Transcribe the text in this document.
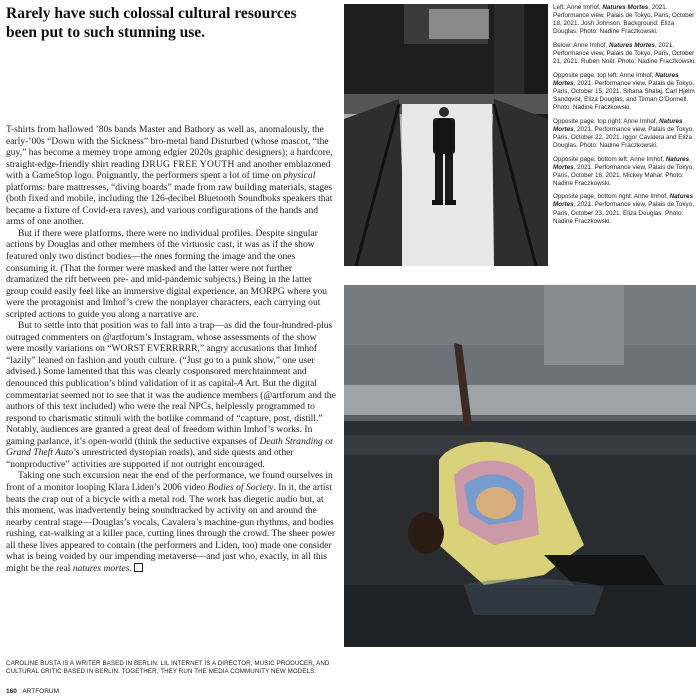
Rarely have such colossal cultural resources been put to such stunning use.

T-shirts from hallowed ’80s bands Master and Bathory as well as, anomalously, the early-’00s “Down with the Sickness” bro-metal band Disturbed (whose mascot, “the guy,” has become a memey trope among edgier 2020s graphic designers); a hardcore, straight-edge-friendly shirt reading DRUG FREE YOUTH and another emblazoned with a GameStop logo. Poignantly, the performers spent a lot of time on physical platforms: bare mattresses, “diving boards” made from raw building materials, stages (both fixed and mobile, including the 126-decibel Bluetooth Soundboks speakers that became a fixture of Covid-era raves), and various configurations of the hands and arms of one another.

But if there were platforms, there were no individual profiles. Despite singular actions by Douglas and other members of the virtuosic cast, it was as if the show featured only two distinct bodies—the ones forming the image and the ones consuming it. (That the former were masked and the latter were not further dramatized the rift between pre- and mid-pandemic subjects.) Being in the latter group could easily feel like an immersive digital experience, an MORPG where you were the protagonist and Imhof’s crew the nonplayer characters, each carrying out scripted actions to guide you along a narrative arc.

But to settle into that position was to fall into a trap—as did the four-hundred-plus outraged commenters on @artforum’s Instagram, whose assessments of the show were mostly variations on “WORST EVERRRRR,” angry accusations that Imhof “lazily” leaned on fashion and youth culture. (“Just go to a punk show,” one user advised.) Some lamented that this was clearly cosponsored merchtainment and denounced this publication’s blind validation of it as capital-A Art. But the digital commentariat seemed not to see that it was the audience members (@artforum and the authors of this text included) who were the real NPCs, helplessly programmed to respond to charismatic stimuli with the botlike command of “capture, post, distill.” Notably, audiences are granted a great deal of freedom within Imhof’s works. In gaming parlance, it’s open-world (think the seductive expanses of Death Stranding or Grand Theft Auto’s unrestricted dystopian roads), and side quests and other “nonproductive” activities are supported if not outright encouraged.

Taking one such excursion near the end of the performance, we found ourselves in front of a monitor looping Klara Liden’s 2006 video Bodies of Society. In it, the artist beats the crap out of a bicycle with a metal rod. The work has diegetic audio but, at this moment, was inadvertently being soundtracked by activity on and around the nearby central stage—Douglas’s vocals, Cavalera’s machine-gun rhythms, and bodies rushing, cat-walking at a killer pace, cutting lines through the crowd. The sheer power all these lives appeared to contain (the performers and Liden, too) made one consider what is being voided by our impending metaverse—and just who, exactly, in all this might be the real natures mortes.

CAROLINE BUSTA IS A WRITER BASED IN BERLIN. LIL INTERNET IS A DIRECTOR, MUSIC PRODUCER, AND CULTURAL CRITIC BASED IN BERLIN. TOGETHER, THEY RUN THE MEDIA COMMUNITY NEW MODELS.
160 ARTFORUM

Left: Anne Imhof, Natures Mortes, 2021. Performance view, Palais de Tokyo, Paris, October 18, 2021. Josh Johnson. Background: Eliza Douglas. Photo: Nadine Fraczkowski.

Below: Anne Imhof, Natures Mortes, 2021. Performance view, Palais de Tokyo, Paris, October 21, 2021. Ruben Noël. Photo: Nadine Fraczkowski.

Opposite page, top left: Anne Imhof, Natures Mortes, 2021. Performance view, Palais de Tokyo, Paris, October 15, 2021. Sihana Shalaj, Carl Hjelm Sandqvist, Eliza Douglas, and Tilman O’Donnell. Photo: Nadine Fraczkowski.

Opposite page, top right: Anne Imhof, Natures Mortes, 2021. Performance view, Palais de Tokyo, Paris, October 22, 2021. Iggor Cavalera and Eliza Douglas. Photo: Nadine Fraczkowski.

Opposite page, bottom left: Anne Imhof, Natures Mortes, 2021. Performance view, Palais de Tokyo, Paris, October 16, 2021. Mickey Mahar. Photo: Nadine Fraczkowski.

Opposite page, bottom right: Anne Imhof, Natures Mortes, 2021. Performance view, Palais de Tokyo, Paris, October 23, 2021. Eliza Douglas. Photo: Nadine Fraczkowski.
